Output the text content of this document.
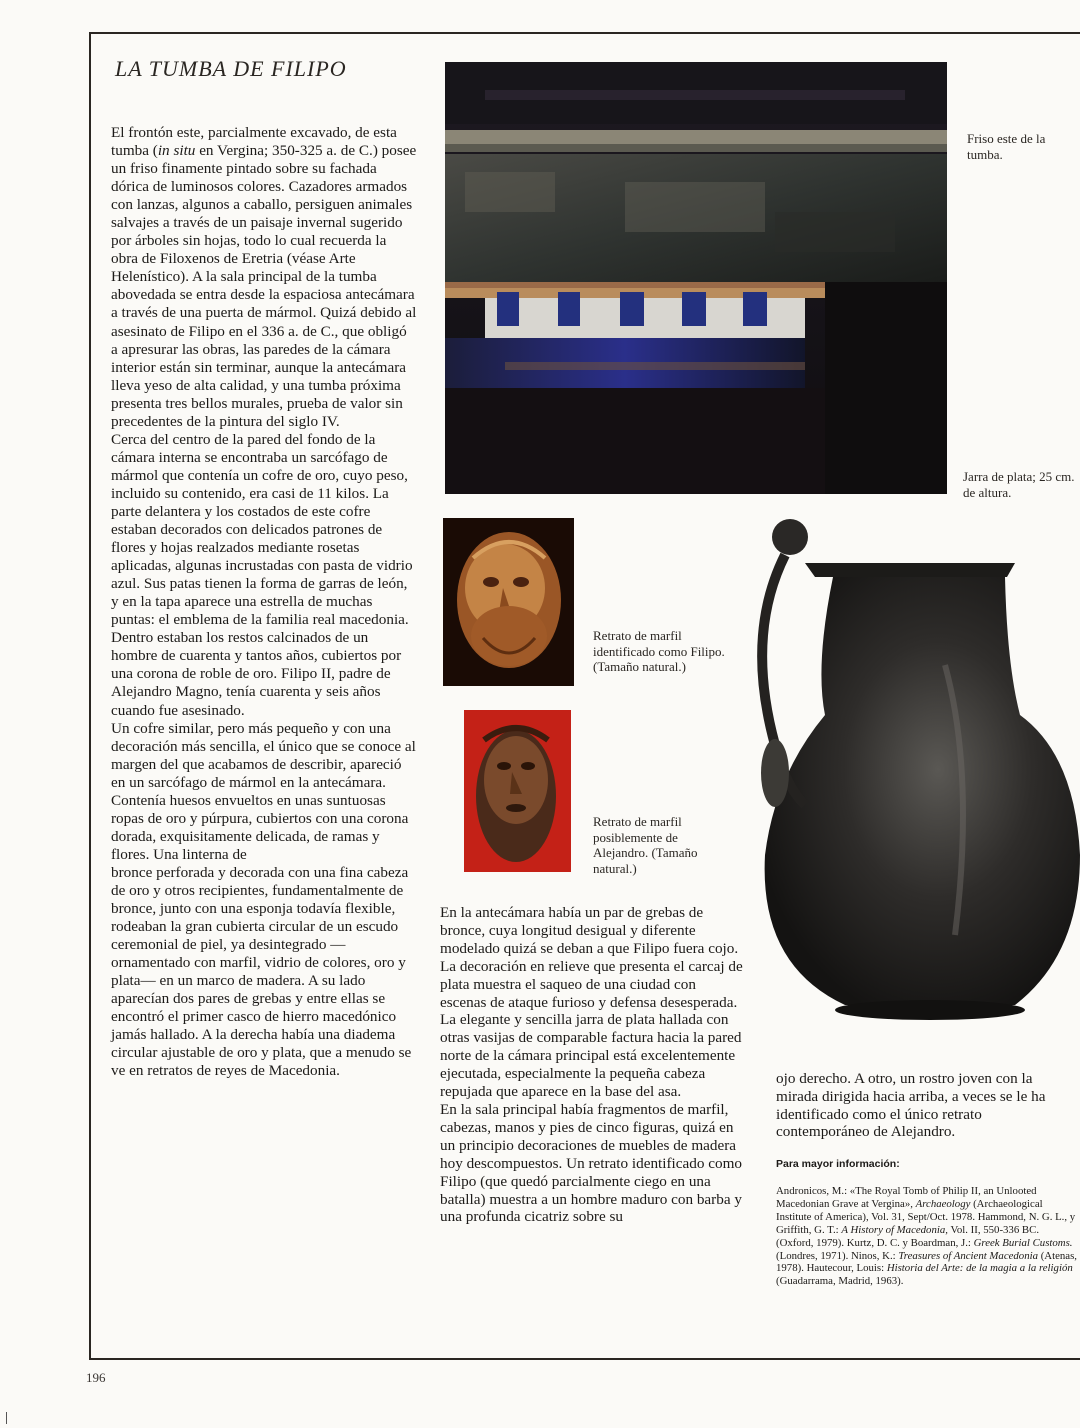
LA TUMBA DE FILIPO

El frontón este, parcialmente excavado, de esta tumba (in situ en Vergina; 350-325 a. de C.) posee un friso finamente pintado sobre su fachada dórica de luminosos colores. Cazadores armados con lanzas, algunos a caballo, persiguen animales salvajes a través de un paisaje invernal sugerido por árboles sin hojas, todo lo cual recuerda la obra de Filoxenos de Eretria (véase Arte Helenístico). A la sala principal de la tumba abovedada se entra desde la espaciosa antecámara a través de una puerta de mármol. Quizá debido al asesinato de Filipo en el 336 a. de C., que obligó a apresurar las obras, las paredes de la cámara interior están sin terminar, aunque la antecámara lleva yeso de alta calidad, y una tumba próxima presenta tres bellos murales, prueba de valor sin precedentes de la pintura del siglo IV.

Cerca del centro de la pared del fondo de la cámara interna se encontraba un sarcófago de mármol que contenía un cofre de oro, cuyo peso, incluido su contenido, era casi de 11 kilos. La parte delantera y los costados de este cofre estaban decorados con delicados patrones de flores y hojas realzados mediante rosetas aplicadas, algunas incrustadas con pasta de vidrio azul. Sus patas tienen la forma de garras de león, y en la tapa aparece una estrella de muchas puntas: el emblema de la familia real macedonia. Dentro estaban los restos calcinados de un hombre de cuarenta y tantos años, cubiertos por una corona de roble de oro. Filipo II, padre de Alejandro Magno, tenía cuarenta y seis años cuando fue asesinado.

Un cofre similar, pero más pequeño y con una decoración más sencilla, el único que se conoce al margen del que acabamos de describir, apareció en un sarcófago de mármol en la antecámara. Contenía huesos envueltos en unas suntuosas ropas de oro y púrpura, cubiertos con una corona dorada, exquisitamente delicada, de ramas y flores. Una linterna de

bronce perforada y decorada con una fina cabeza de oro y otros recipientes, fundamentalmente de bronce, junto con una esponja todavía flexible, rodeaban la gran cubierta circular de un escudo ceremonial de piel, ya desintegrado —ornamentado con marfil, vidrio de colores, oro y plata— en un marco de madera. A su lado aparecían dos pares de grebas y entre ellas se encontró el primer casco de hierro macedónico jamás hallado. A la derecha había una diadema circular ajustable de oro y plata, que a menudo se ve en retratos de reyes de Macedonia.

Friso este de la tumba.
Jarra de plata; 25 cm. de altura.
Retrato de marfil identificado como Filipo. (Tamaño natural.)
Retrato de marfil posiblemente de Alejandro. (Tamaño natural.)

En la antecámara había un par de grebas de bronce, cuya longitud desigual y diferente modelado quizá se deban a que Filipo fuera cojo. La decoración en relieve que presenta el carcaj de plata muestra el saqueo de una ciudad con escenas de ataque furioso y defensa desesperada. La elegante y sencilla jarra de plata hallada con otras vasijas de comparable factura hacia la pared norte de la cámara principal está excelentemente ejecutada, especialmente la pequeña cabeza repujada que aparece en la base del asa.

En la sala principal había fragmentos de marfil, cabezas, manos y pies de cinco figuras, quizá en un principio decoraciones de muebles de madera hoy descompuestos. Un retrato identificado como Filipo (que quedó parcialmente ciego en una batalla) muestra a un hombre maduro con barba y una profunda cicatriz sobre su

ojo derecho. A otro, un rostro joven con la mirada dirigida hacia arriba, a veces se le ha identificado como el único retrato contemporáneo de Alejandro.

Para mayor información:
Andronicos, M.: «The Royal Tomb of Philip II, an Unlooted Macedonian Grave at Vergina», Archaeology (Archaeological Institute of America), Vol. 31, Sept/Oct. 1978. Hammond, N. G. L., y Griffith, G. T.: A History of Macedonia, Vol. II, 550-336 BC. (Oxford, 1979). Kurtz, D. C. y Boardman, J.: Greek Burial Customs. (Londres, 1971). Ninos, K.: Treasures of Ancient Macedonia (Atenas, 1978). Hautecour, Louis: Historia del Arte: de la magia a la religión (Guadarrama, Madrid, 1963).
196
